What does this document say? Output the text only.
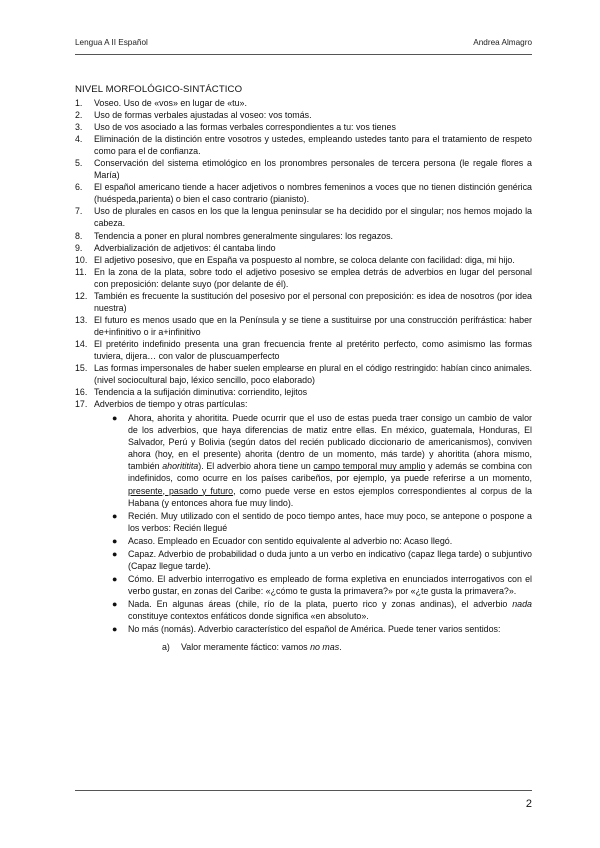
Lengua A II Español	Andrea Almagro
NIVEL MORFOLÓGICO-SINTÁCTICO
1. Voseo. Uso de «vos» en lugar de «tu».
2. Uso de formas verbales ajustadas al voseo: vos tomás.
3. Uso de vos asociado a las formas verbales correspondientes a tu: vos tienes
4. Eliminación de la distinción entre vosotros y ustedes, empleando ustedes tanto para el tratamiento de respeto como para el de confianza.
5. Conservación del sistema etimológico en los pronombres personales de tercera persona (le regale flores a María)
6. El español americano tiende a hacer adjetivos o nombres femeninos a voces que no tienen distinción genérica (huéspeda,parienta) o bien el caso contrario (pianisto).
7. Uso de plurales en casos en los que la lengua peninsular se ha decidido por el singular; nos hemos mojado la cabeza.
8. Tendencia a poner en plural nombres generalmente singulares: los regazos.
9. Adverbialización de adjetivos: él cantaba lindo
10. El adjetivo posesivo, que en España va pospuesto al nombre, se coloca delante con facilidad: diga, mi hijo.
11. En la zona de la plata, sobre todo el adjetivo posesivo se emplea detrás de adverbios en lugar del personal con preposición: delante suyo (por delante de él).
12. También es frecuente la sustitución del posesivo por el personal con preposición: es idea de nosotros (por idea nuestra)
13. El futuro es menos usado que en la Península y se tiene a sustituirse por una construcción perifrástica: haber de+infinitivo o ir a+infinitivo
14. El pretérito indefinido presenta una gran frecuencia frente al pretérito perfecto, como asimismo las formas tuviera, dijera… con valor de pluscuamperfecto
15. Las formas impersonales de haber suelen emplearse en plural en el código restringido: habían cinco animales.(nivel sociocultural bajo, léxico sencillo, poco elaborado)
16. Tendencia a la sufijación diminutiva: corriendito, lejitos
17. Adverbios de tiempo y otras partículas:
● Ahora, ahorita y ahoritita. Puede ocurrir que el uso de estas pueda traer consigo un cambio de valor de los adverbios, que haya diferencias de matiz entre ellas. En méxico, guatemala, Honduras, El Salvador, Perú y Bolivia (según datos del recién publicado diccionario de americanismos), conviven ahora (hoy, en el presente) ahorita (dentro de un momento, más tarde) y ahoritita (ahora mismo, también ahorititita). El adverbio ahora tiene un campo temporal muy amplio y además se combina con indefinidos, como ocurre en los países caribeños, por ejemplo, ya puede referirse a un momento, presente, pasado y futuro, como puede verse en estos ejemplos correspondientes al corpus de la Habana (y entonces ahora fue muy lindo).
● Recién. Muy utilizado con el sentido de poco tiempo antes, hace muy poco, se antepone o pospone a los verbos: Recién llegué
● Acaso. Empleado en Ecuador con sentido equivalente al adverbio no: Acaso llegó.
● Capaz. Adverbio de probabilidad o duda junto a un verbo en indicativo (capaz llega tarde) o subjuntivo (Capaz llegue tarde).
● Cómo. El adverbio interrogativo es empleado de forma expletiva en enunciados interrogativos con el verbo gustar, en zonas del Caribe: «¿cómo te gusta la primavera?» por «¿te gusta la primavera?».
● Nada. En algunas áreas (chile, río de la plata, puerto rico y zonas andinas), el adverbio nada constituye contextos enfáticos donde significa «en absoluto».
● No más (nomás). Adverbio característico del español de América. Puede tener varios sentidos:
a) Valor meramente fáctico: vamos no mas.
2
